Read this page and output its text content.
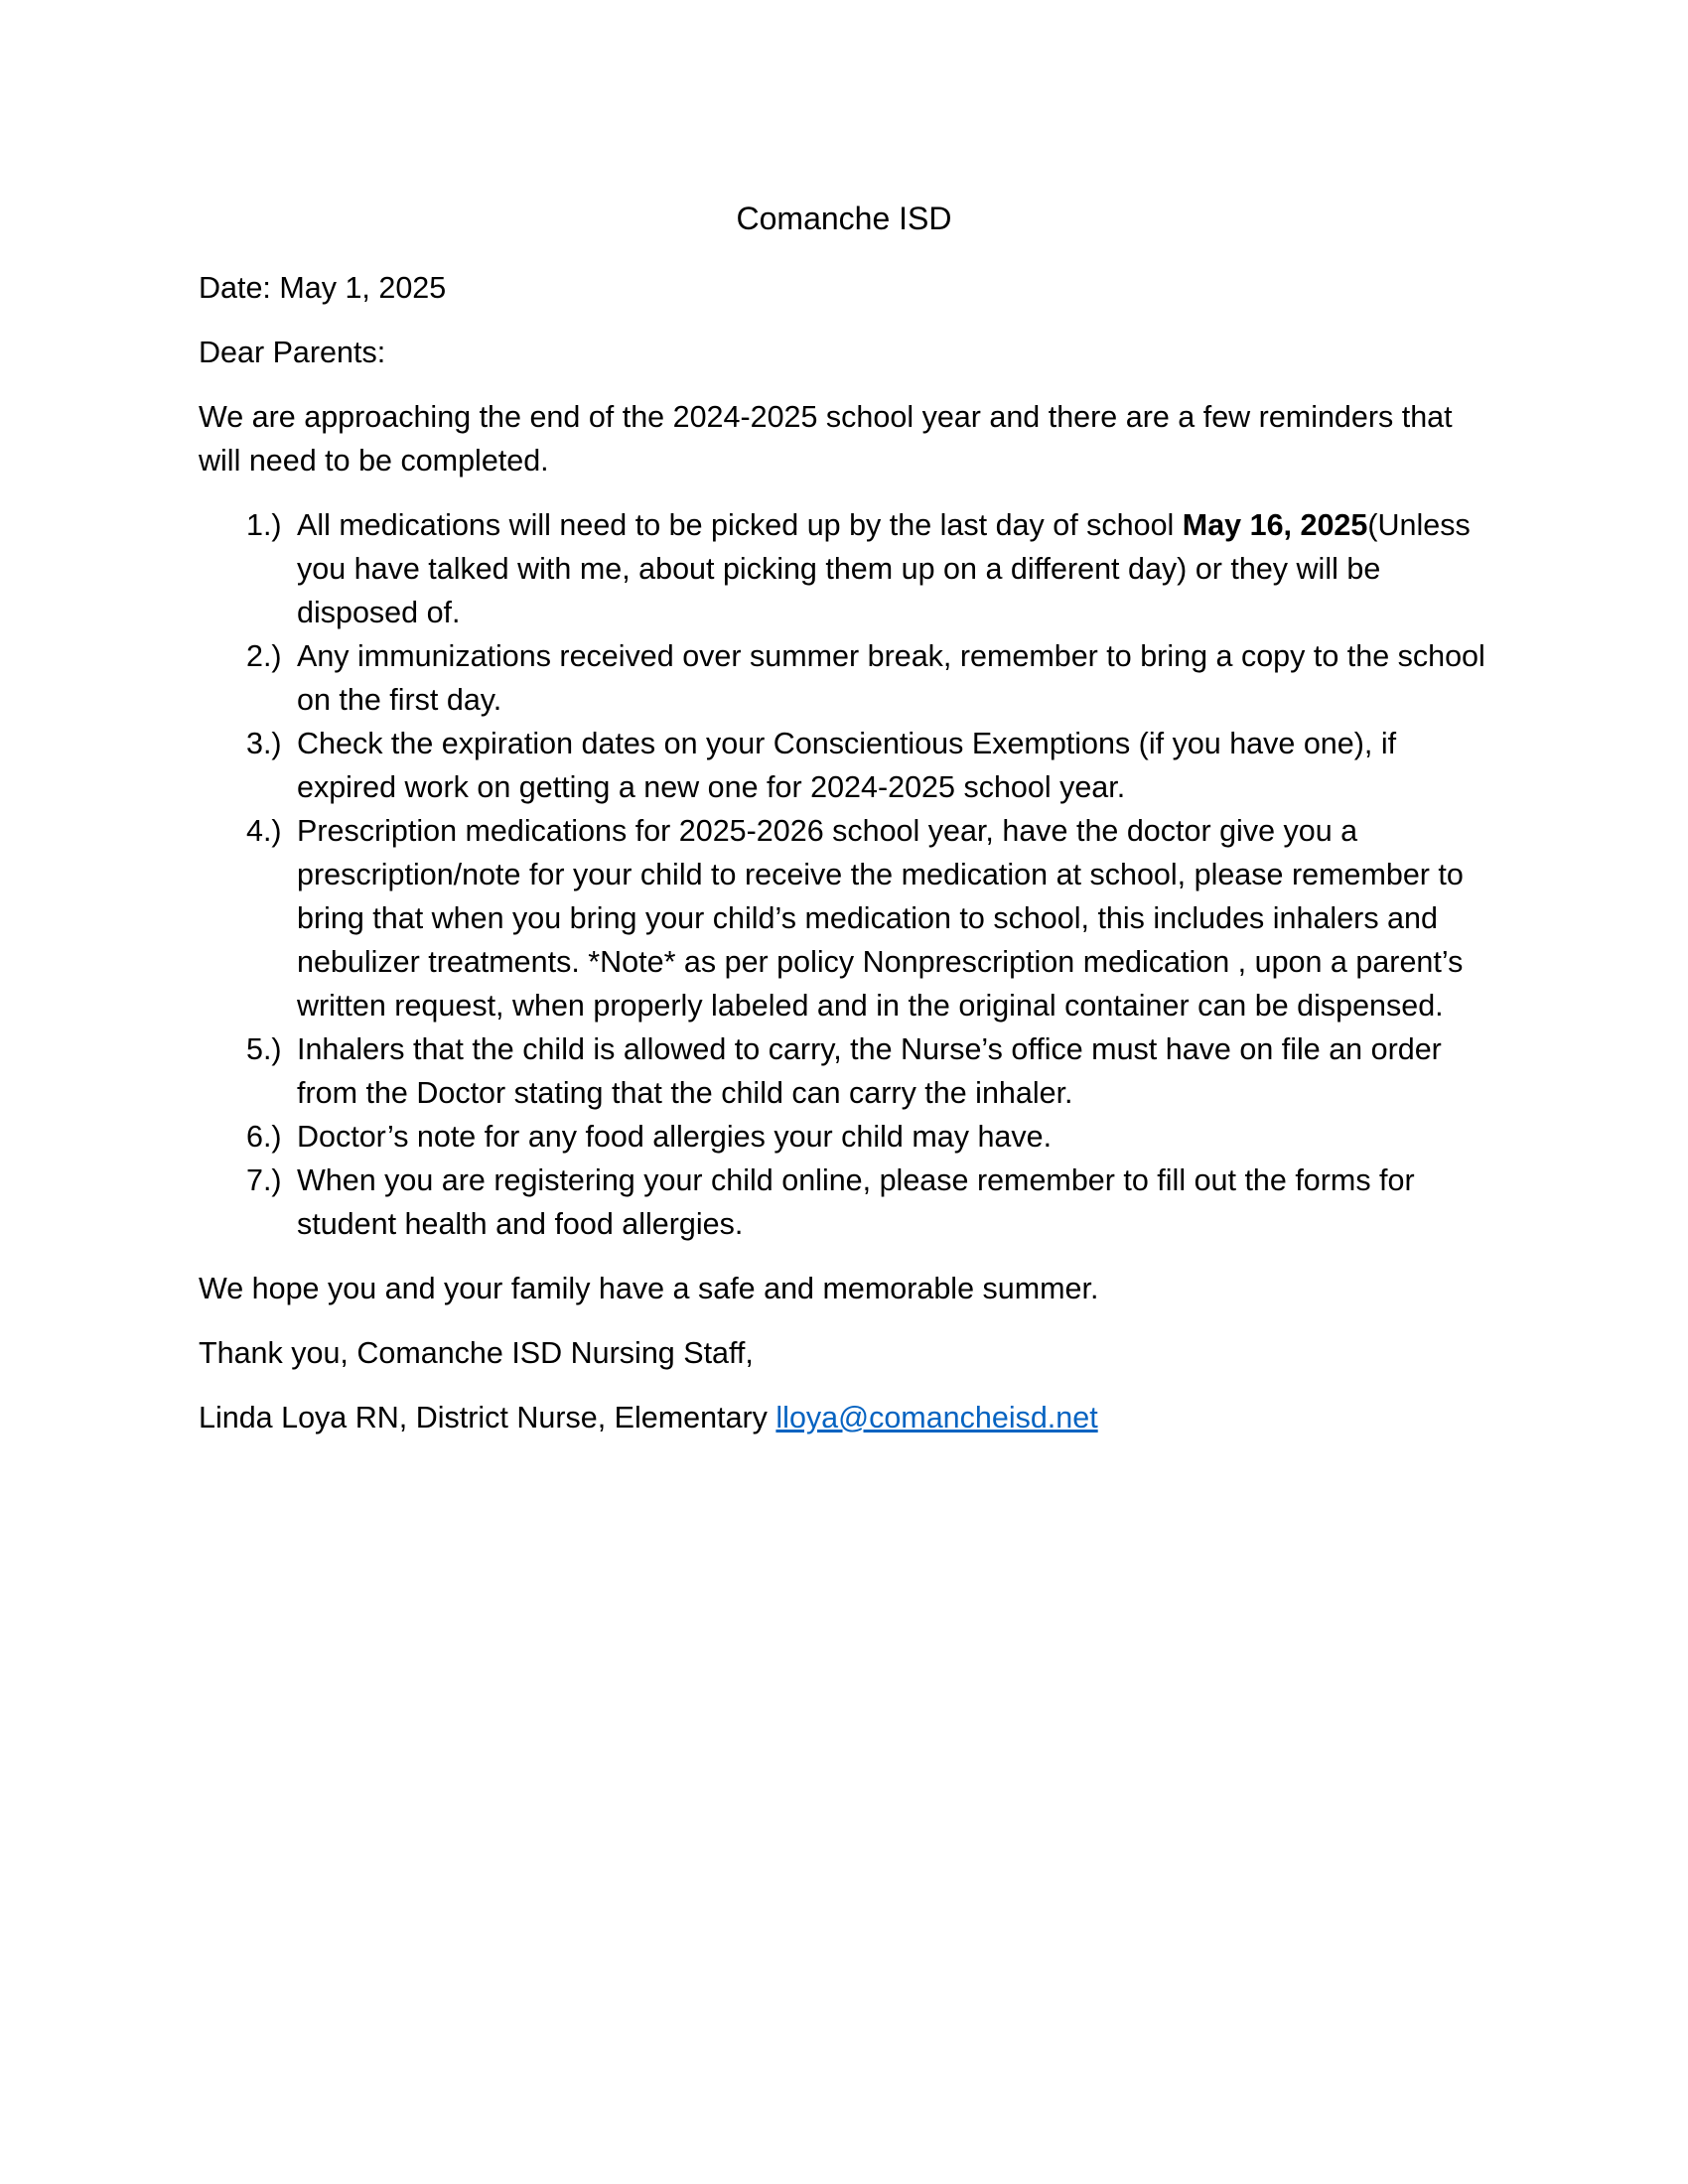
Comanche ISD

Date: May 1, 2025

Dear Parents:

We are approaching the end of the 2024-2025 school year and there are a few reminders that will need to be completed.

1.) All medications will need to be picked up by the last day of school May 16, 2025(Unless you have talked with me, about picking them up on a different day) or they will be disposed of.
2.) Any immunizations received over summer break, remember to bring a copy to the school on the first day.
3.) Check the expiration dates on your Conscientious Exemptions (if you have one), if expired work on getting a new one for 2024-2025 school year.
4.) Prescription medications for 2025-2026 school year, have the doctor give you a prescription/note for your child to receive the medication at school, please remember to bring that when you bring your child’s medication to school, this includes inhalers and nebulizer treatments. *Note* as per policy Nonprescription medication , upon a parent’s written request, when properly labeled and in the original container can be dispensed.
5.) Inhalers that the child is allowed to carry, the Nurse’s office must have on file an order from the Doctor stating that the child can carry the inhaler.
6.) Doctor’s note for any food allergies your child may have.
7.) When you are registering your child online, please remember to fill out the forms for student health and food allergies.

We hope you and your family have a safe and memorable summer.

Thank you, Comanche ISD Nursing Staff,

Linda Loya RN, District Nurse, Elementary lloya@comancheisd.net
